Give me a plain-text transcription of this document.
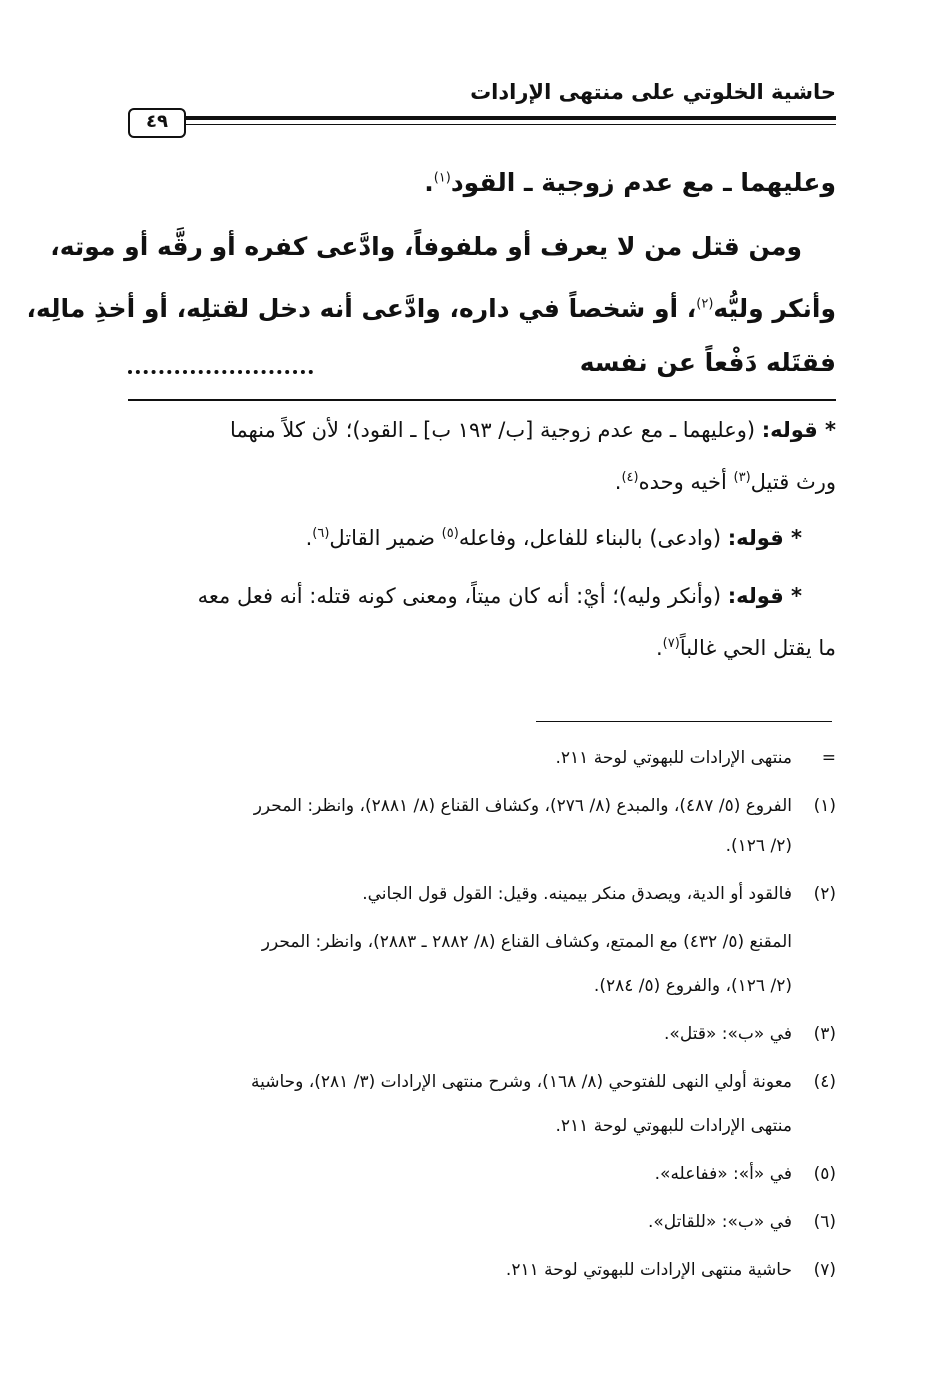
حاشية الخلوتي على منتهى الإرادات
٤٩
وعليهما ـ مع عدم زوجية ـ القود$^{(١)}$.
ومن قتل من لا يعرف أو ملفوفاً، وادَّعى كفره أو رقَّه أو موته،
وأنكر وليُّه$^{(٢)}$، أو شخصاً في داره، وادَّعى أنه دخل لقتلِه، أو أخذِ مالِه،
فقتَله دَفْعاً عن نفسه
* قوله: (وعليهما ـ مع عدم زوجية [ب/ ١٩٣ ب] ـ القود)؛ لأن كلاً منهما
ورث قتيل$^{(٣)}$ أخيه وحده$^{(٤)}$.
* قوله: (وادعى) بالبناء للفاعل، وفاعله$^{(٥)}$ ضمير القاتل$^{(٦)}$.
* قوله: (وأنكر وليه)؛ أيْ: أنه كان ميتاً، ومعنى كونه قتله: أنه فعل معه
ما يقتل الحي غالباً$^{(٧)}$.
=
منتهى الإرادات للبهوتي لوحة ٢١١.
(١)
الفروع (٥/ ٤٨٧)، والمبدع (٨/ ٢٧٦)، وكشاف القناع (٨/ ٢٨٨١)، وانظر: المحرر
(٢/ ١٢٦).
(٢)
فالقود أو الدية، ويصدق منكر بيمينه. وقيل: القول قول الجاني.
المقنع (٥/ ٤٣٢) مع الممتع، وكشاف القناع (٨/ ٢٨٨٢ ـ ٢٨٨٣)، وانظر: المحرر
(٢/ ١٢٦)، والفروع (٥/ ٢٨٤).
(٣)
في «ب»: «قتل».
(٤)
معونة أولي النهى للفتوحي (٨/ ١٦٨)، وشرح منتهى الإرادات (٣/ ٢٨١)، وحاشية
منتهى الإرادات للبهوتي لوحة ٢١١.
(٥)
في «أ»: «ففاعله».
(٦)
في «ب»: «للقاتل».
(٧)
حاشية منتهى الإرادات للبهوتي لوحة ٢١١.
